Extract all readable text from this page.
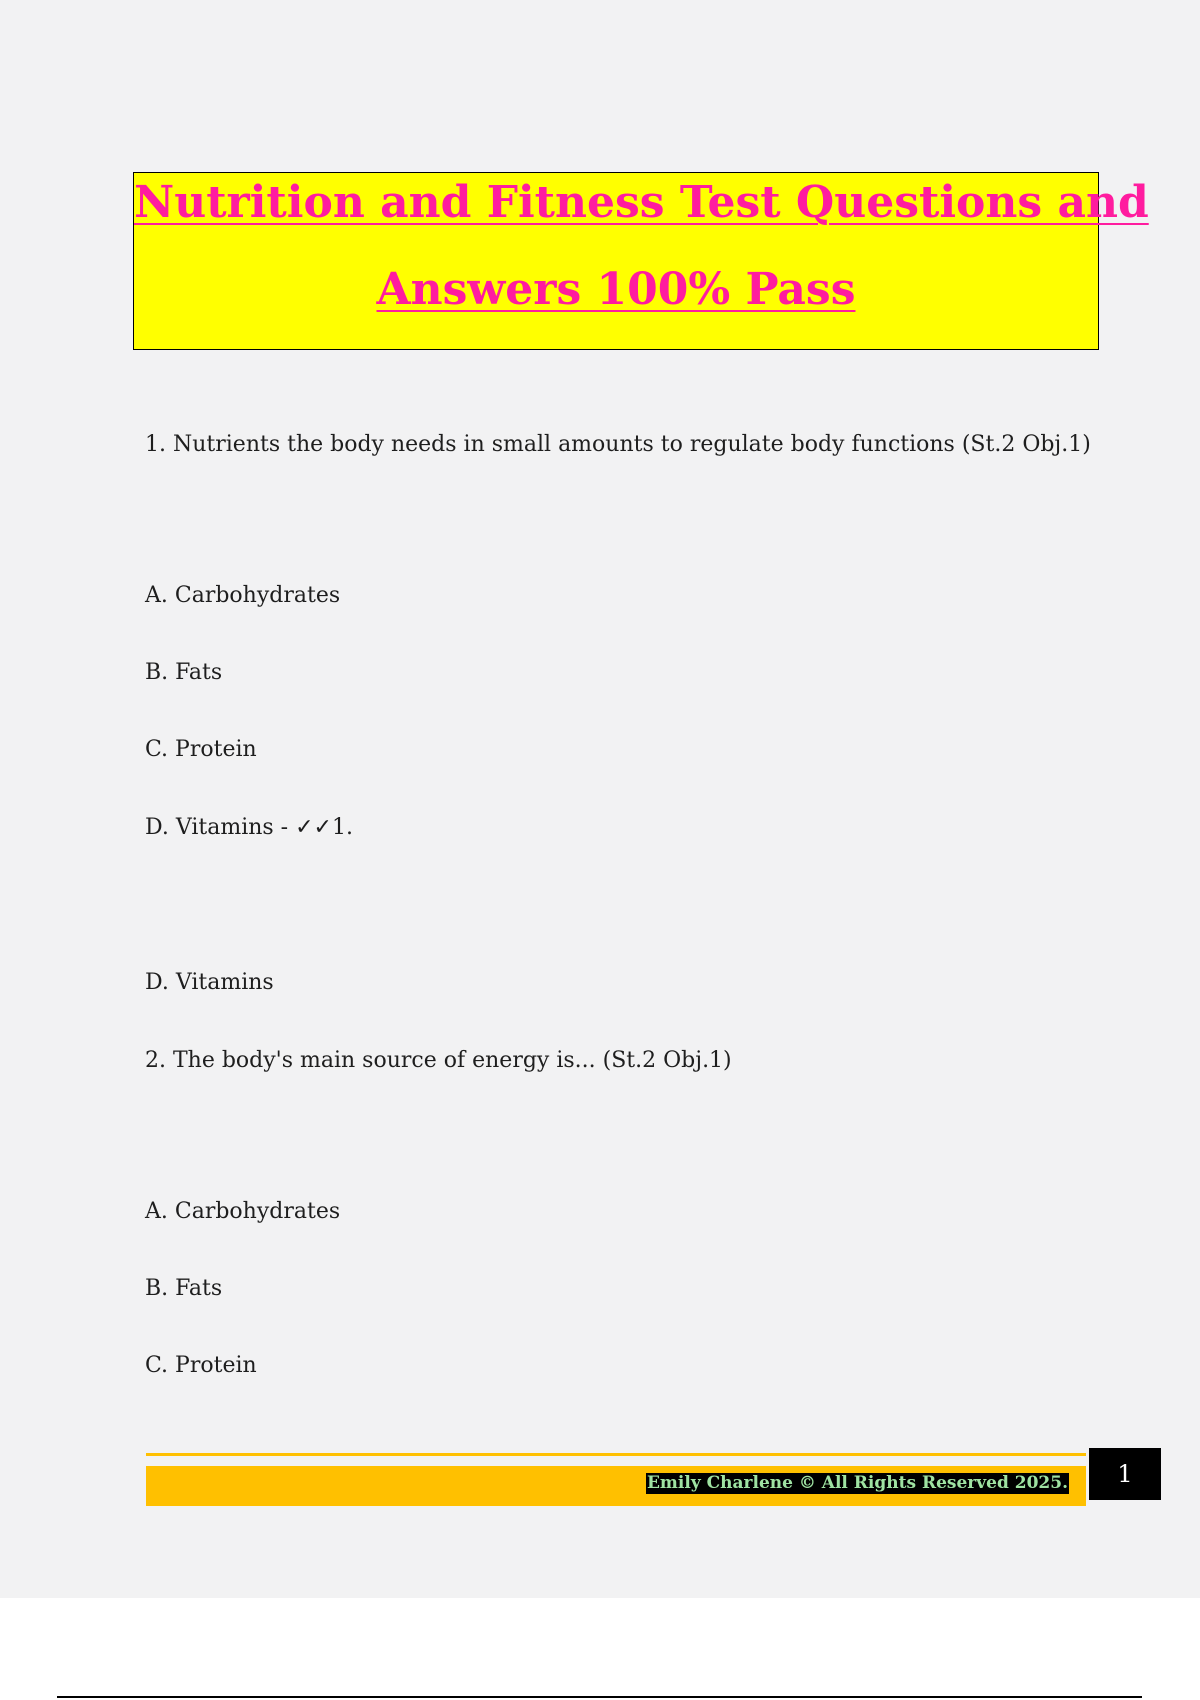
Nutrition and Fitness Test Questions and
Answers 100% Pass
1. Nutrients the body needs in small amounts to regulate body functions (St.2 Obj.1)
A. Carbohydrates
B. Fats
C. Protein
D. Vitamins - ✓✓1.
D. Vitamins
2. The body's main source of energy is... (St.2 Obj.1)
A. Carbohydrates
B. Fats
C. Protein
Emily Charlene © All Rights Reserved 2025.	1
